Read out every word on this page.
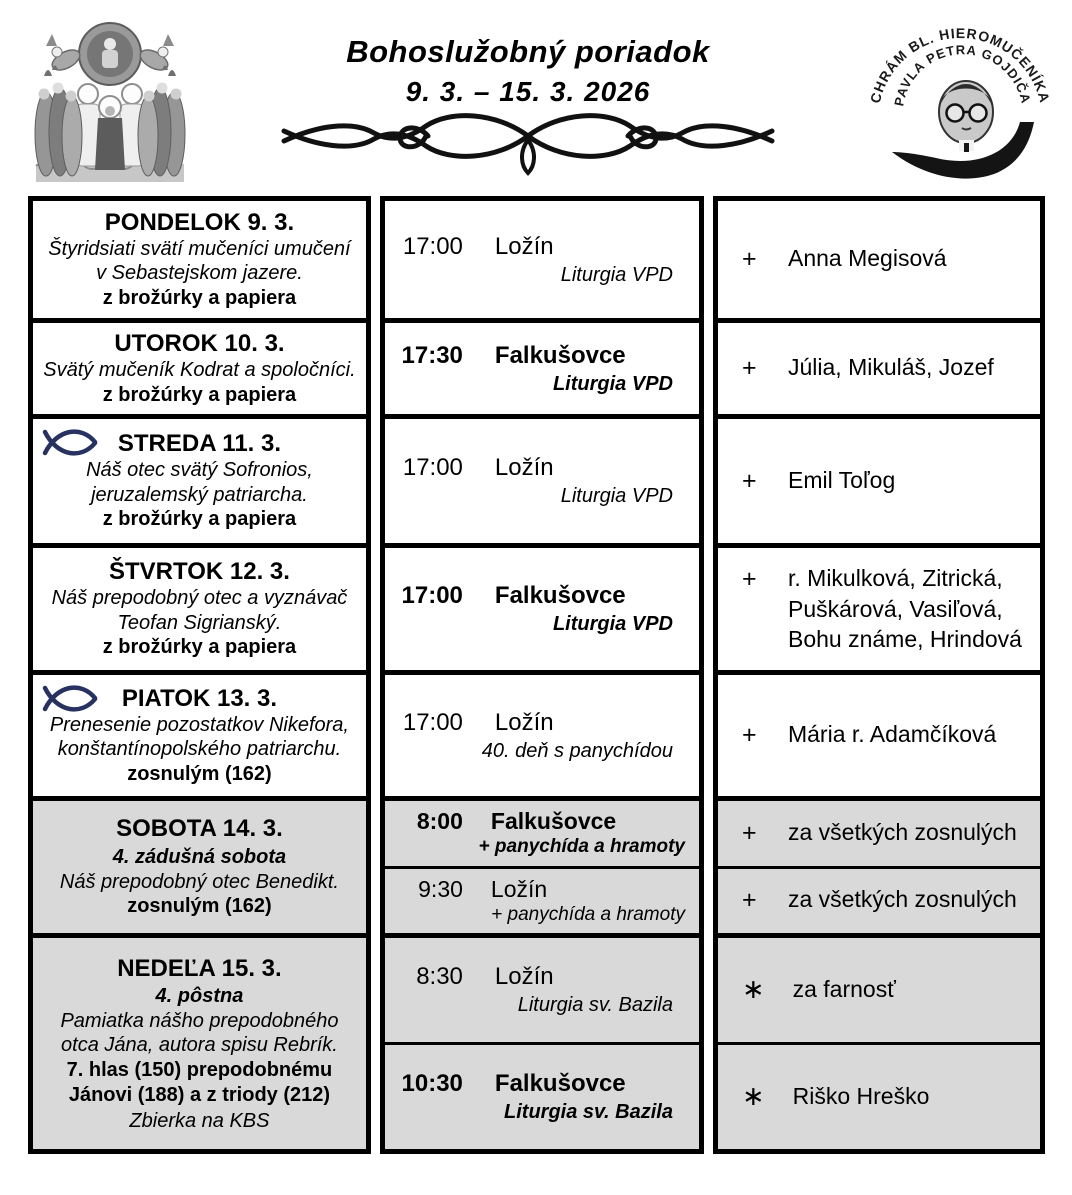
Bohoslužobný poriadok
9. 3. – 15. 3. 2026	CHRÁM BL. HIEROMUČENÍKA
PAVLA PETRA GOJDIČA
PONDELOK 9. 3.
Štyridsiati svätí mučeníci umučení
v Sebastejskom jazere.
z brožúrky a papiera
UTOROK 10. 3.
Svätý mučeník Kodrat a spoločníci.
z brožúrky a papiera
STREDA 11. 3.
Náš otec svätý Sofronios,
jeruzalemský patriarcha.
z brožúrky a papiera
ŠTVRTOK 12. 3.
Náš prepodobný otec a vyznávač
Teofan Sigrianský.
z brožúrky a papiera
PIATOK 13. 3.
Prenesenie pozostatkov Nikefora,
konštantínopolského patriarchu.
zosnulým (162)
SOBOTA 14. 3.
4. zádušná sobota
Náš prepodobný otec Benedikt.
zosnulým (162)
NEDEĽA 15. 3.
4. pôstna
Pamiatka nášho prepodobného
otca Jána, autora spisu Rebrík.
7. hlas (150) prepodobnému
Jánovi (188) a z triody (212)
Zbierka na KBS
17:00 Ložín
Liturgia VPD
17:30 Falkušovce
Liturgia VPD
17:00 Ložín
Liturgia VPD
17:00 Falkušovce
Liturgia VPD
17:00 Ložín
40. deň s panychídou
8:00 Falkušovce
+ panychída a hramoty
9:30 Ložín
+ panychída a hramoty
8:30 Ložín
Liturgia sv. Bazila
10:30 Falkušovce
Liturgia sv. Bazila
+ Anna Megisová
+ Júlia, Mikuláš, Jozef
+ Emil Toľog
+ r. Mikulková, Zitrická,
Puškárová, Vasiľová,
Bohu známe, Hrindová
+ Mária r. Adamčíková
+ za všetkých zosnulých
+ za všetkých zosnulých
∗ za farnosť
∗ Riško Hreško
